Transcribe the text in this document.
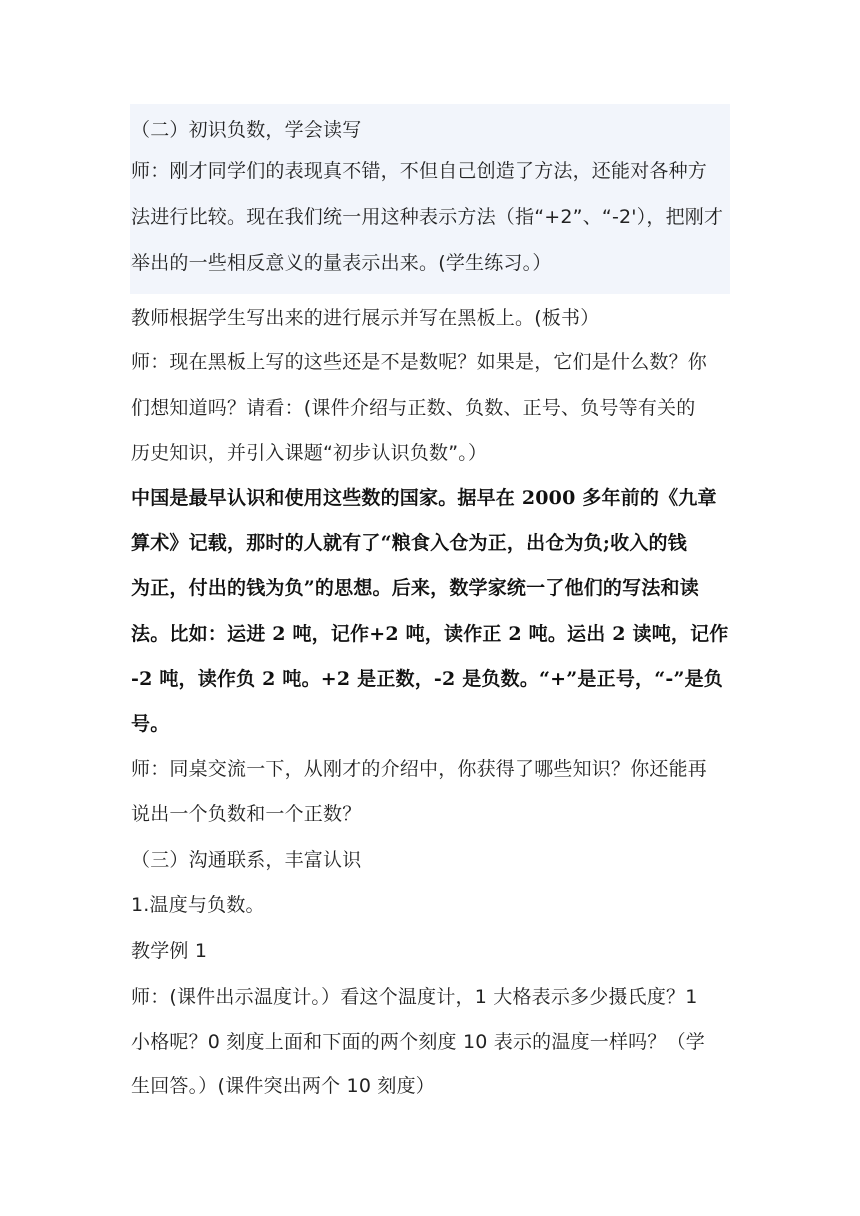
（二）初识负数，学会读写
师：刚才同学们的表现真不错，不但自己创造了方法，还能对各种方
法进行比较。现在我们统一用这种表示方法（指“+2”、“-2'），把刚才
举出的一些相反意义的量表示出来。(学生练习。）
教师根据学生写出来的进行展示并写在黑板上。(板书）
师：现在黑板上写的这些还是不是数呢？如果是，它们是什么数？你
们想知道吗？请看：(课件介绍与正数、负数、正号、负号等有关的
历史知识，并引入课题“初步认识负数”。）
中国是最早认识和使用这些数的国家。据早在 2000 多年前的《九章
算术》记载，那时的人就有了“粮食入仓为正，出仓为负;收入的钱
为正，付出的钱为负”的思想。后来，数学家统一了他们的写法和读
法。比如：运进 2 吨，记作+2 吨，读作正 2 吨。运出 2 读吨，记作
-2 吨，读作负 2 吨。+2 是正数，-2 是负数。“+”是正号，“-”是负
号。
师：同桌交流一下，从刚才的介绍中，你获得了哪些知识？你还能再
说出一个负数和一个正数？
（三）沟通联系，丰富认识
1.温度与负数。
教学例 1
师：(课件出示温度计。）看这个温度计，1 大格表示多少摄氏度？1
小格呢？0 刻度上面和下面的两个刻度 10 表示的温度一样吗？（学
生回答。）(课件突出两个 10 刻度）
